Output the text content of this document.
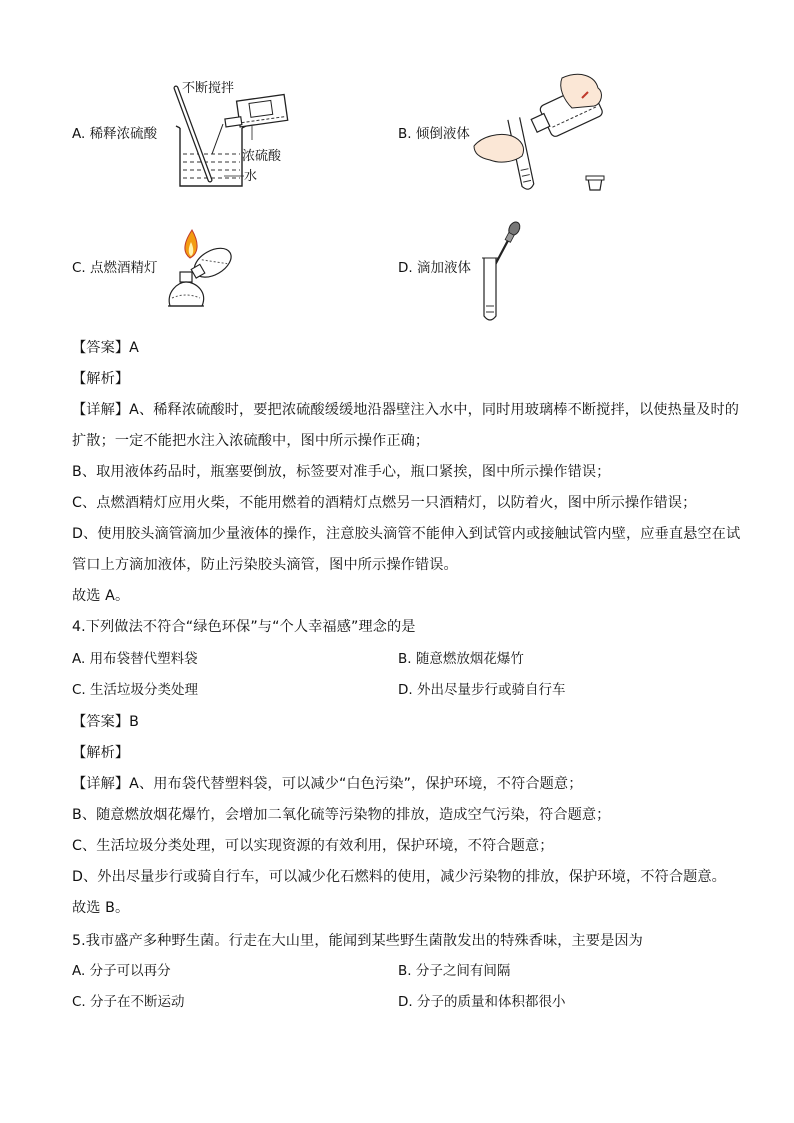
A. 稀释浓硫酸
不断搅拌
浓硫酸
水
B. 倾倒液体
C. 点燃酒精灯	D. 滴加液体
【答案】A
【解析】
【详解】A、稀释浓硫酸时，要把浓硫酸缓缓地沿器壁注入水中，同时用玻璃棒不断搅拌，以使热量及时的
扩散；一定不能把水注入浓硫酸中，图中所示操作正确；
B、取用液体药品时，瓶塞要倒放，标签要对准手心，瓶口紧挨，图中所示操作错误；
C、点燃酒精灯应用火柴，不能用燃着的酒精灯点燃另一只酒精灯，以防着火，图中所示操作错误；
D、使用胶头滴管滴加少量液体的操作，注意胶头滴管不能伸入到试管内或接触试管内壁，应垂直悬空在试
管口上方滴加液体，防止污染胶头滴管，图中所示操作错误。
故选 A。
4.下列做法不符合“绿色环保”与“个人幸福感”理念的是
A. 用布袋替代塑料袋	B. 随意燃放烟花爆竹
C. 生活垃圾分类处理	D. 外出尽量步行或骑自行车
【答案】B
【解析】
【详解】A、用布袋代替塑料袋，可以减少“白色污染”，保护环境，不符合题意；
B、随意燃放烟花爆竹，会增加二氧化硫等污染物的排放，造成空气污染，符合题意；
C、生活垃圾分类处理，可以实现资源的有效利用，保护环境，不符合题意；
D、外出尽量步行或骑自行车，可以减少化石燃料的使用，减少污染物的排放，保护环境，不符合题意。
故选 B。
5.我市盛产多种野生菌。行走在大山里，能闻到某些野生菌散发出的特殊香味，主要是因为
A. 分子可以再分	B. 分子之间有间隔
C. 分子在不断运动	D. 分子的质量和体积都很小
